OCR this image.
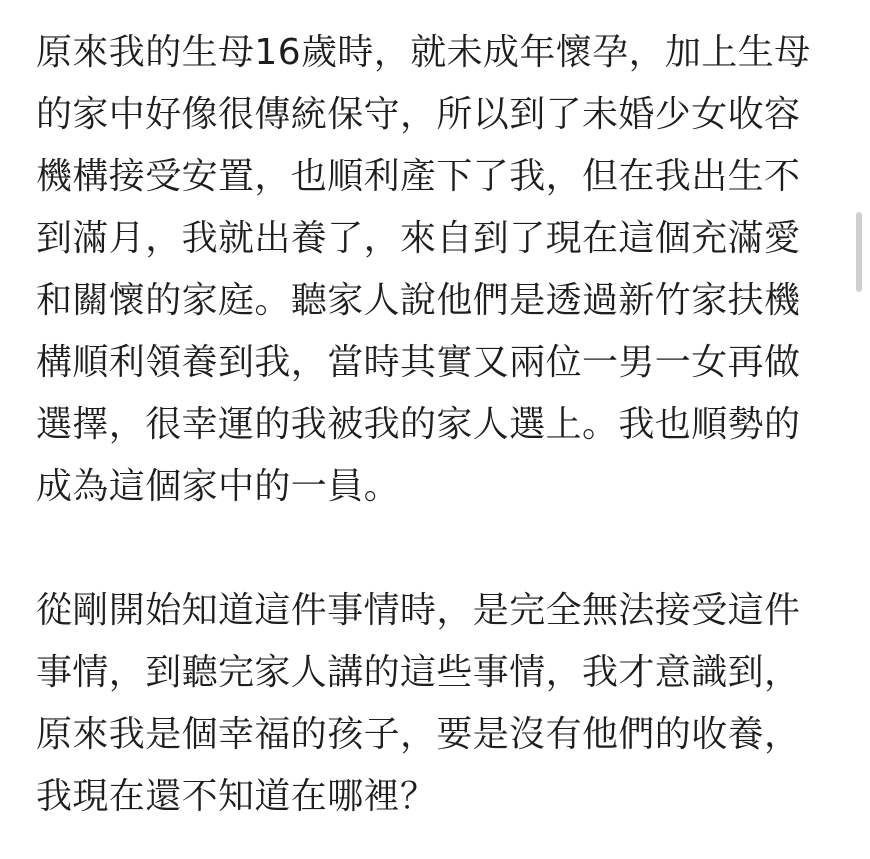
原來我的生母16歲時，就未成年懷孕，加上生母
的家中好像很傳統保守，所以到了未婚少女收容
機構接受安置，也順利產下了我，但在我出生不
到滿月，我就出養了，來自到了現在這個充滿愛
和關懷的家庭。聽家人說他們是透過新竹家扶機
構順利領養到我，當時其實又兩位一男一女再做
選擇，很幸運的我被我的家人選上。我也順勢的
成為這個家中的一員。

從剛開始知道這件事情時，是完全無法接受這件
事情，到聽完家人講的這些事情，我才意識到，
原來我是個幸福的孩子，要是沒有他們的收養，
我現在還不知道在哪裡？
